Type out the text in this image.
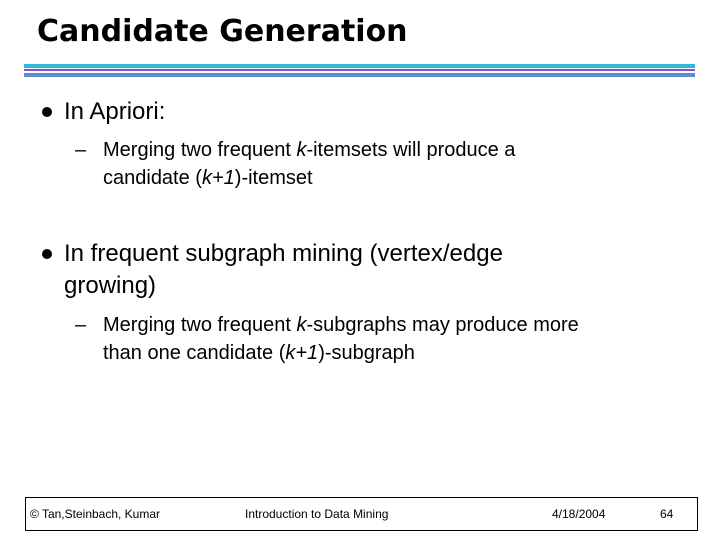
Candidate Generation
In Apriori:
– Merging two frequent k-itemsets will produce a
candidate (k+1)-itemset
In frequent subgraph mining (vertex/edge
growing)
– Merging two frequent k-subgraphs may produce more
than one candidate (k+1)-subgraph
© Tan,Steinbach, Kumar	Introduction to Data Mining	4/18/2004	64
